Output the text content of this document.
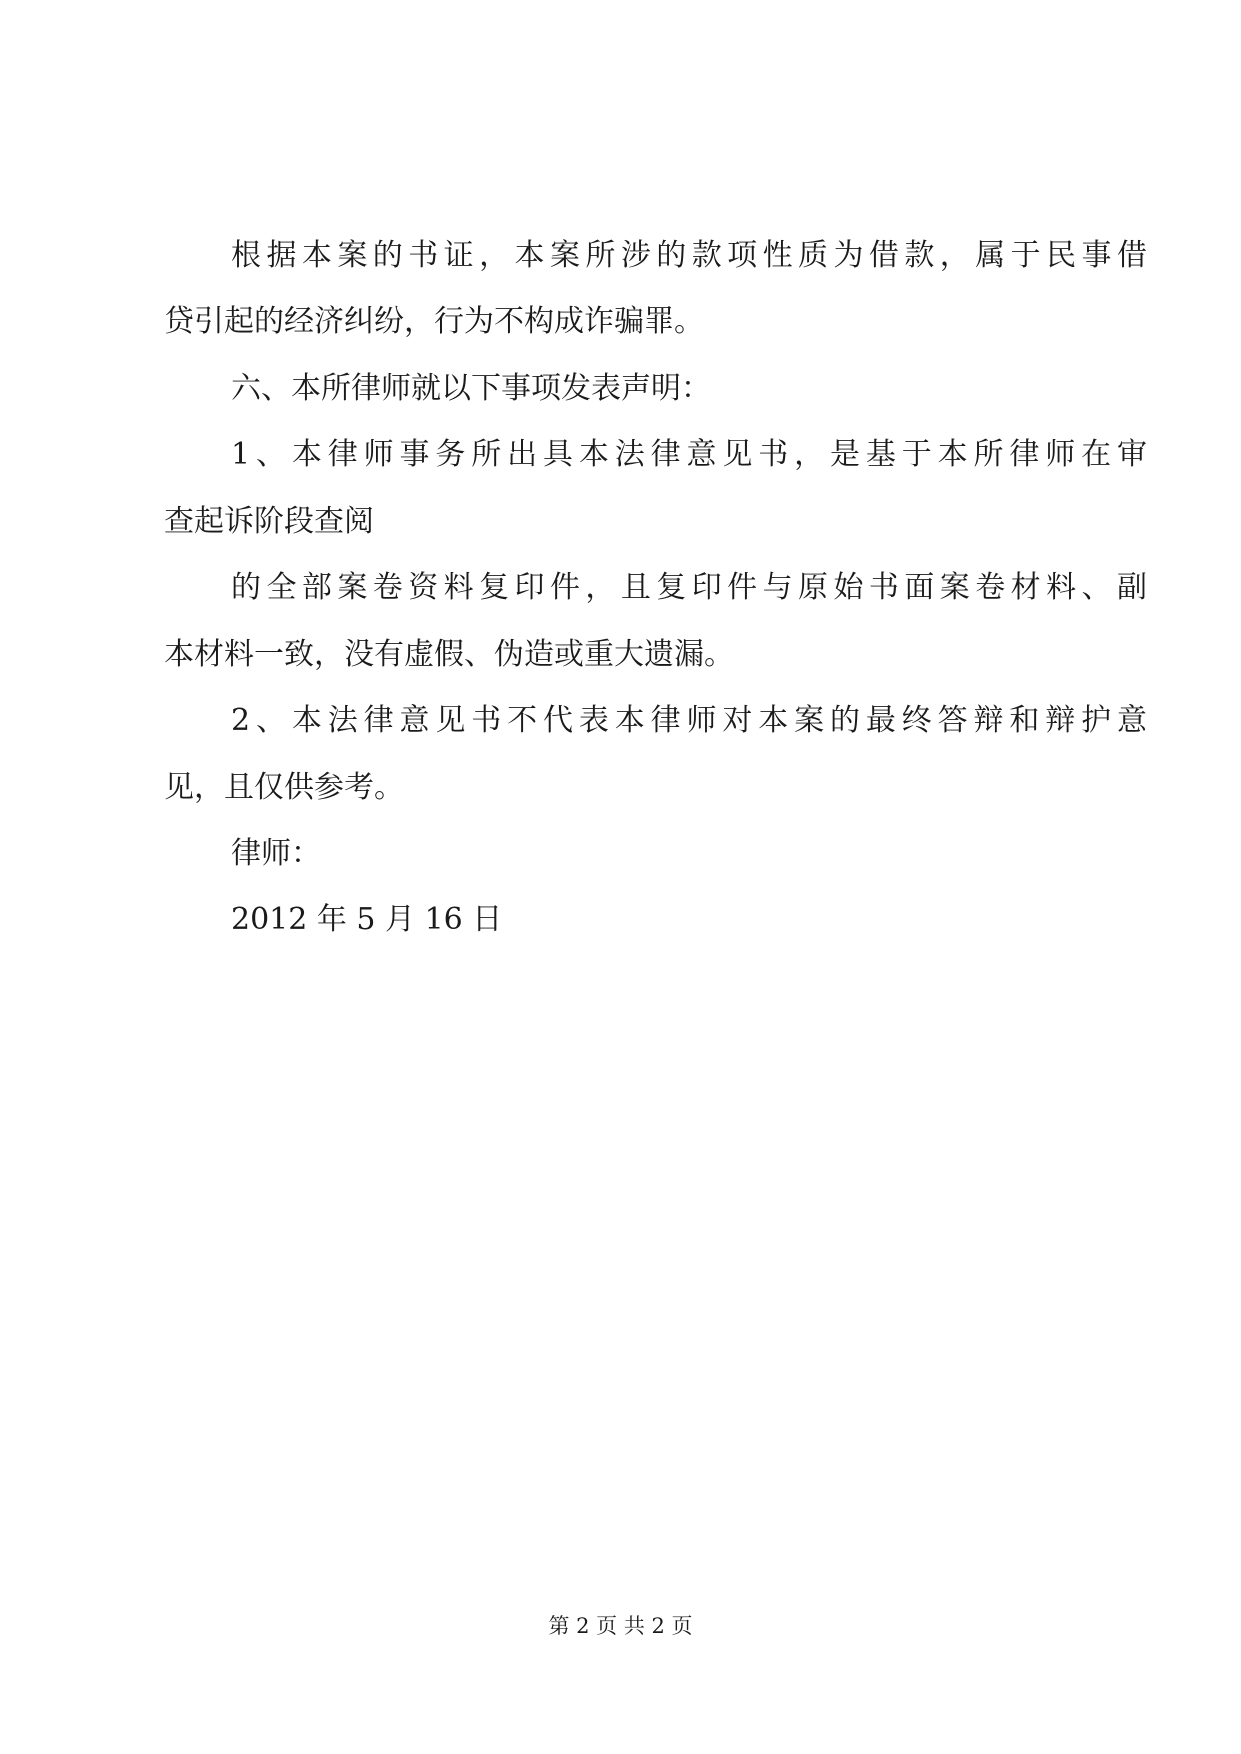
根据本案的书证，本案所涉的款项性质为借款，属于民事借
贷引起的经济纠纷，行为不构成诈骗罪。
六、本所律师就以下事项发表声明：
1、本律师事务所出具本法律意见书，是基于本所律师在审
查起诉阶段查阅
的全部案卷资料复印件，且复印件与原始书面案卷材料、副
本材料一致，没有虚假、伪造或重大遗漏。
2、本法律意见书不代表本律师对本案的最终答辩和辩护意
见，且仅供参考。
律师：
2012 年 5 月 16 日
第 2 页 共 2 页
